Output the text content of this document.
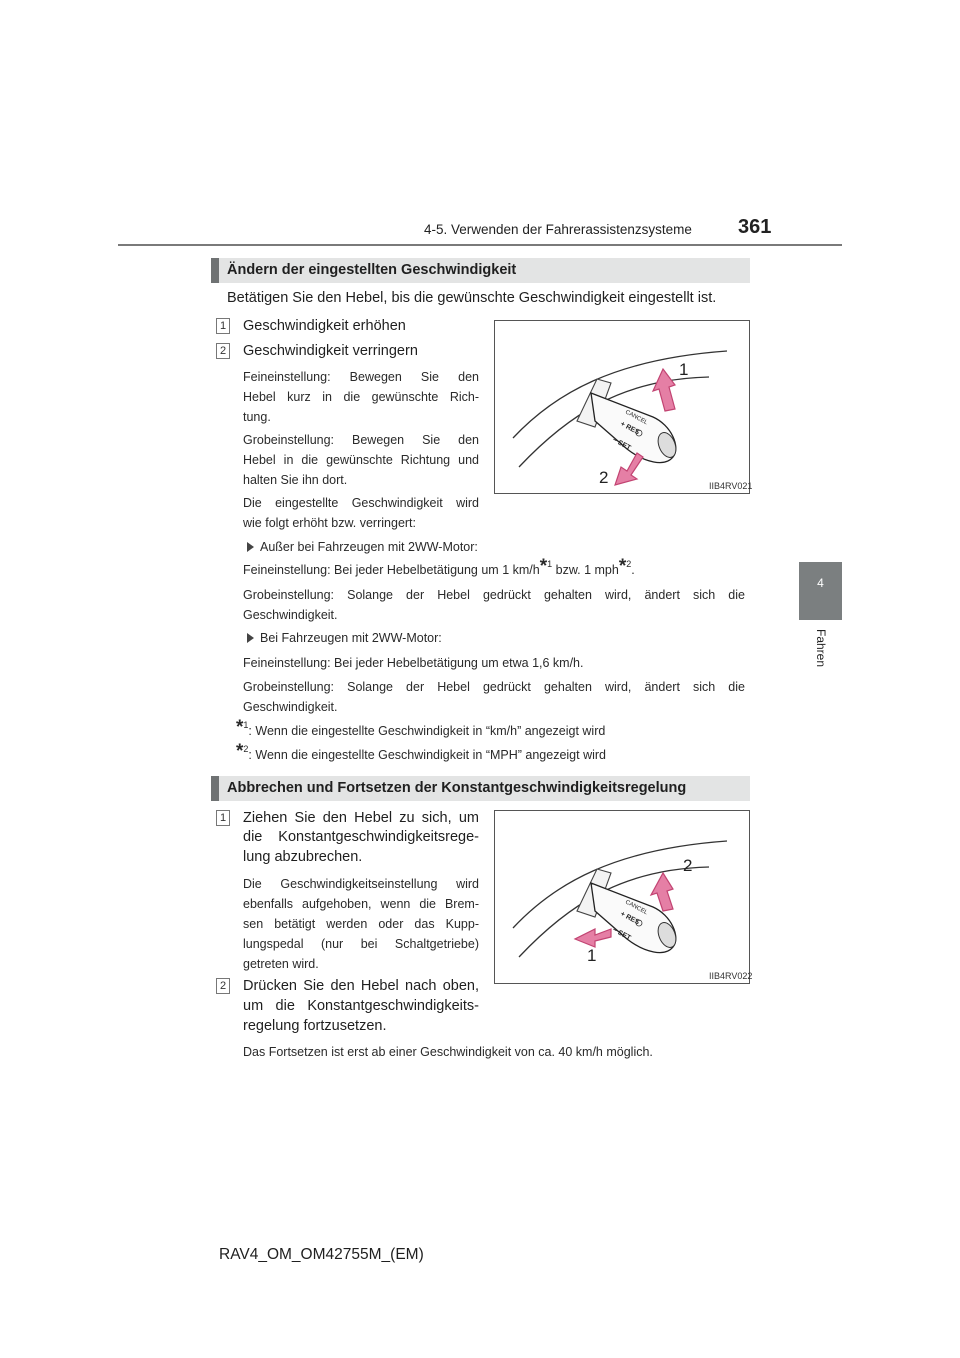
4-5. Verwenden der Fahrerassistenzsysteme 361
4
Fahren
Ändern der eingestellten Geschwindigkeit
Betätigen Sie den Hebel, bis die gewünschte Geschwindigkeit eingestellt ist.
1 Geschwindigkeit erhöhen
2 Geschwindigkeit verringern
Feineinstellung: Bewegen Sie den
Hebel kurz in die gewünschte Rich-
tung.
Grobeinstellung: Bewegen Sie den
Hebel in die gewünschte Richtung und
halten Sie ihn dort.
Die eingestellte Geschwindigkeit wird
wie folgt erhöht bzw. verringert:
CANCEL
+ RES
− SET
1
2	IIB4RV021
Außer bei Fahrzeugen mit 2WW-Motor:
Feineinstellung: Bei jeder Hebelbetätigung um 1 km/h*$^1$ bzw. 1 mph*$^2$.
Grobeinstellung: Solange der Hebel gedrückt gehalten wird, ändert sich die
Geschwindigkeit.
Bei Fahrzeugen mit 2WW-Motor:
Feineinstellung: Bei jeder Hebelbetätigung um etwa 1,6 km/h.
Grobeinstellung: Solange der Hebel gedrückt gehalten wird, ändert sich die
Geschwindigkeit.
*$^1$: Wenn die eingestellte Geschwindigkeit in “km/h” angezeigt wird
*$^2$: Wenn die eingestellte Geschwindigkeit in “MPH” angezeigt wird
Abbrechen und Fortsetzen der Konstantgeschwindigkeitsregelung
1 Ziehen Sie den Hebel zu sich, um
die Konstantgeschwindigkeitsrege-
lung abzubrechen.
Die Geschwindigkeitseinstellung wird
ebenfalls aufgehoben, wenn die Brem-
sen betätigt werden oder das Kupp-
lungspedal (nur bei Schaltgetriebe)
getreten wird.
2 Drücken Sie den Hebel nach oben,
um die Konstantgeschwindigkeits-
regelung fortzusetzen.
CANCEL
+ RES
− SET
2
1
IIB4RV022
Das Fortsetzen ist erst ab einer Geschwindigkeit von ca. 40 km/h möglich.
RAV4_OM_OM42755M_(EM)
